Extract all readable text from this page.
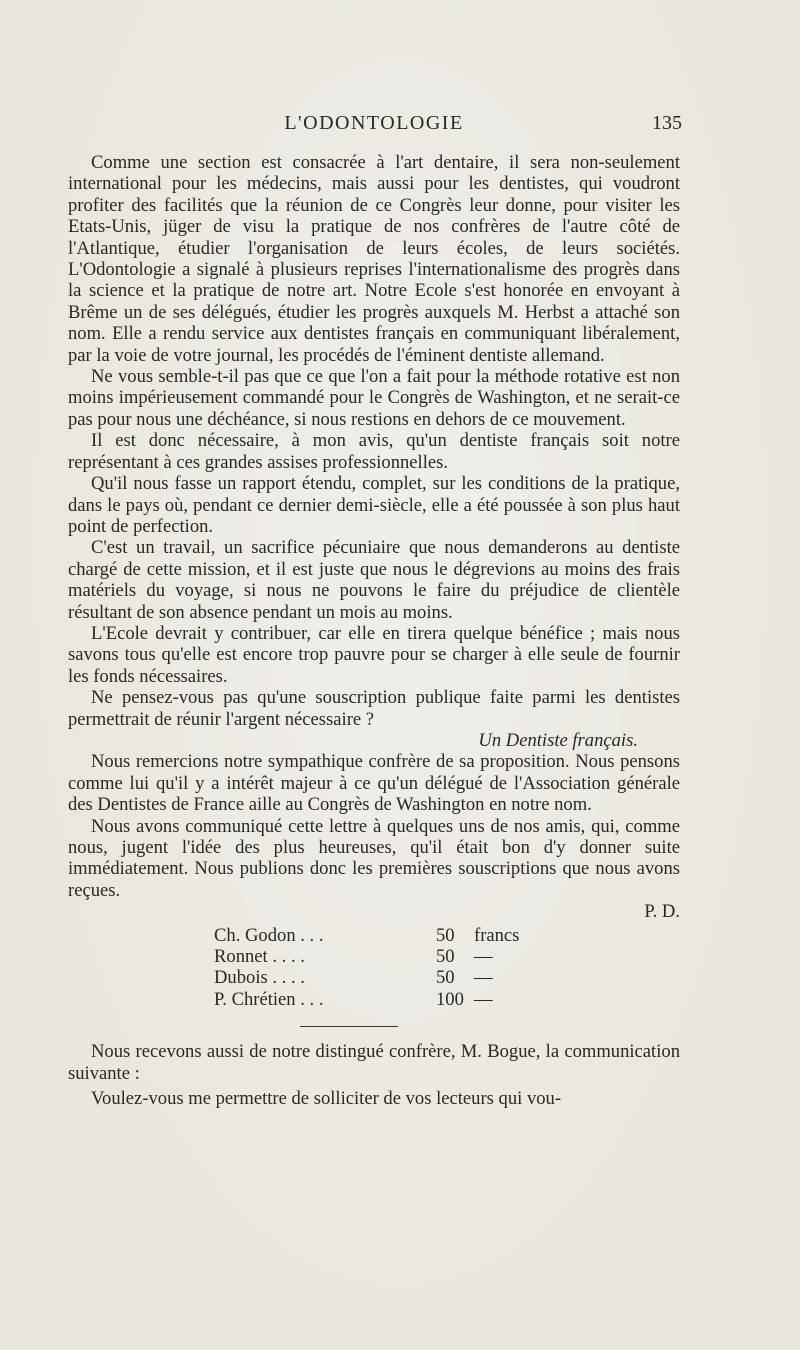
L'ODONTOLOGIE	135

Comme une section est consacrée à l'art dentaire, il sera non-seulement international pour les médecins, mais aussi pour les dentistes, qui voudront profiter des facilités que la réunion de ce Congrès leur donne, pour visiter les Etats-Unis, jüger de visu la pratique de nos confrères de l'autre côté de l'Atlantique, étudier l'organisation de leurs écoles, de leurs sociétés. L'Odontologie a signalé à plusieurs reprises l'internationalisme des progrès dans la science et la pratique de notre art. Notre Ecole s'est honorée en envoyant à Brême un de ses délégués, étudier les progrès auxquels M. Herbst a attaché son nom. Elle a rendu service aux dentistes français en communiquant libéralement, par la voie de votre journal, les procédés de l'éminent dentiste allemand.

Ne vous semble-t-il pas que ce que l'on a fait pour la méthode rotative est non moins impérieusement commandé pour le Congrès de Washington, et ne serait-ce pas pour nous une déchéance, si nous restions en dehors de ce mouvement.

Il est donc nécessaire, à mon avis, qu'un dentiste français soit notre représentant à ces grandes assises professionnelles.

Qu'il nous fasse un rapport étendu, complet, sur les conditions de la pratique, dans le pays où, pendant ce dernier demi-siècle, elle a été poussée à son plus haut point de perfection.

C'est un travail, un sacrifice pécuniaire que nous demanderons au dentiste chargé de cette mission, et il est juste que nous le dégrevions au moins des frais matériels du voyage, si nous ne pouvons le faire du préjudice de clientèle résultant de son absence pendant un mois au moins.

L'Ecole devrait y contribuer, car elle en tirera quelque bénéfice ; mais nous savons tous qu'elle est encore trop pauvre pour se charger à elle seule de fournir les fonds nécessaires.

Ne pensez-vous pas qu'une souscription publique faite parmi les dentistes permettrait de réunir l'argent nécessaire ?

Un Dentiste français.

Nous remercions notre sympathique confrère de sa proposition. Nous pensons comme lui qu'il y a intérêt majeur à ce qu'un délégué de l'Association générale des Dentistes de France aille au Congrès de Washington en notre nom.

Nous avons communiqué cette lettre à quelques uns de nos amis, qui, comme nous, jugent l'idée des plus heureuses, qu'il était bon d'y donner suite immédiatement. Nous publions donc les premières souscriptions que nous avons reçues.

P. D.
Ch. Godon . . .	50	francs
Ronnet . . . .	50	—
Dubois . . . .	50	—
P. Chrétien . . .	100	—

Nous recevons aussi de notre distingué confrère, M. Bogue, la communication suivante :

Voulez-vous me permettre de solliciter de vos lecteurs qui vou-
